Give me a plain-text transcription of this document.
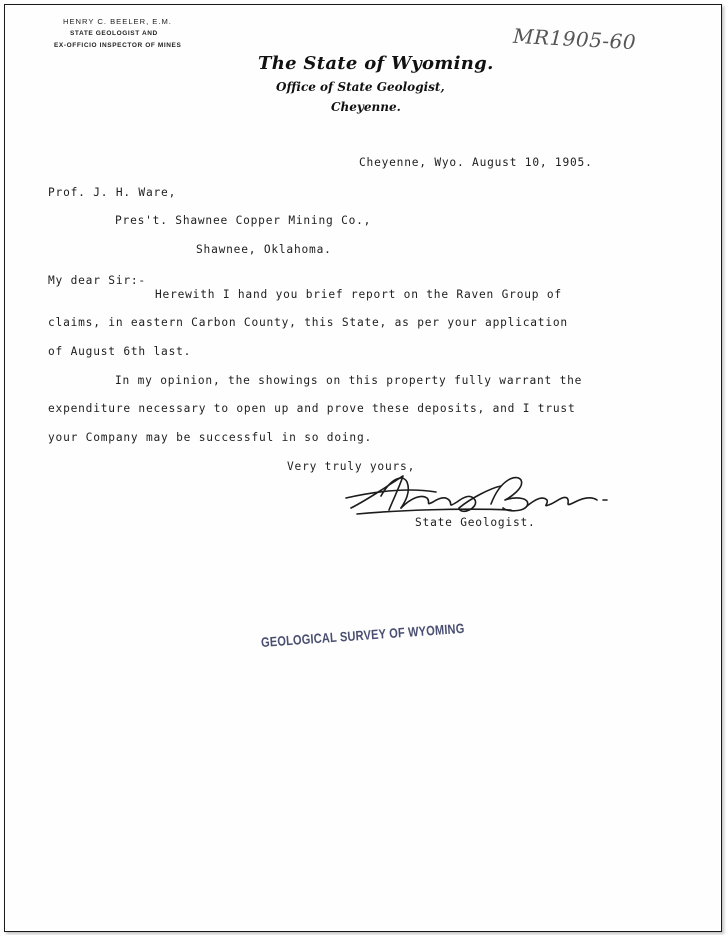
HENRY C. BEELER, E.M.
STATE GEOLOGIST AND
EX-OFFICIO INSPECTOR OF MINES	MR1905-60
The State of Wyoming.
Office of State Geologist,
Cheyenne.
Cheyenne, Wyo. August 10, 1905.
Prof. J. H. Ware,
Pres't. Shawnee Copper Mining Co.,
Shawnee, Oklahoma.
My dear Sir:-
Herewith I hand you brief report on the Raven Group of
claims, in eastern Carbon County, this State, as per your application
of August 6th last.
In my opinion, the showings on this property fully warrant the
expenditure necessary to open up and prove these deposits, and I trust
your Company may be successful in so doing.
Very truly yours,
State Geologist.
GEOLOGICAL SURVEY OF WYOMING
